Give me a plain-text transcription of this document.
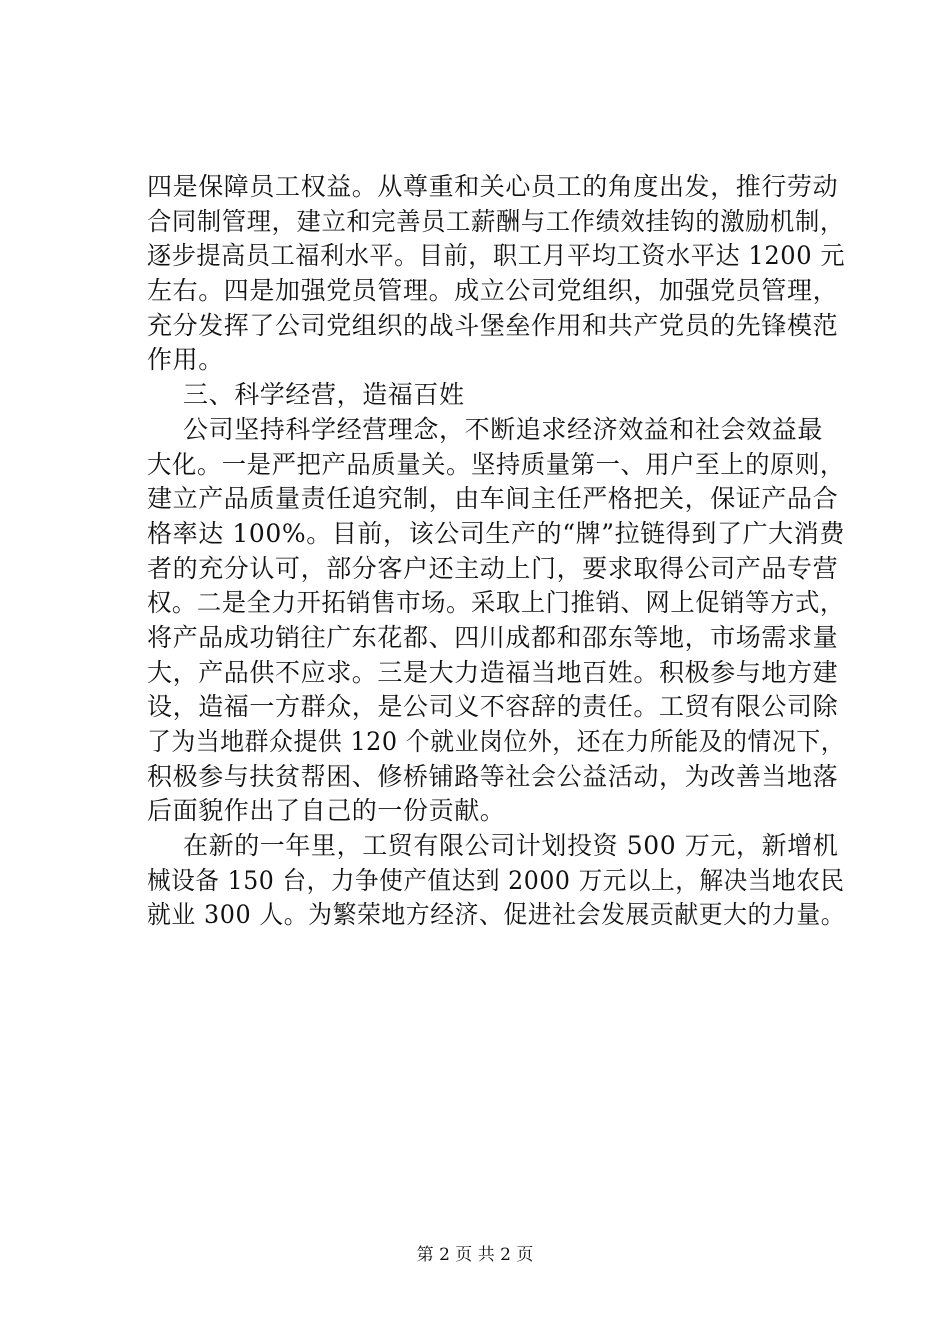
四是保障员工权益。从尊重和关心员工的角度出发，推行劳动
合同制管理，建立和完善员工薪酬与工作绩效挂钩的激励机制，
逐步提高员工福利水平。目前，职工月平均工资水平达 1200 元
左右。四是加强党员管理。成立公司党组织，加强党员管理，
充分发挥了公司党组织的战斗堡垒作用和共产党员的先锋模范
作用。
三、科学经营，造福百姓
公司坚持科学经营理念，不断追求经济效益和社会效益最
大化。一是严把产品质量关。坚持质量第一、用户至上的原则，
建立产品质量责任追究制，由车间主任严格把关，保证产品合
格率达 100%。目前，该公司生产的“牌”拉链得到了广大消费
者的充分认可，部分客户还主动上门，要求取得公司产品专营
权。二是全力开拓销售市场。采取上门推销、网上促销等方式，
将产品成功销往广东花都、四川成都和邵东等地，市场需求量
大，产品供不应求。三是大力造福当地百姓。积极参与地方建
设，造福一方群众，是公司义不容辞的责任。工贸有限公司除
了为当地群众提供 120 个就业岗位外，还在力所能及的情况下，
积极参与扶贫帮困、修桥铺路等社会公益活动，为改善当地落
后面貌作出了自己的一份贡献。
在新的一年里，工贸有限公司计划投资 500 万元，新增机
械设备 150 台，力争使产值达到 2000 万元以上，解决当地农民
就业 300 人。为繁荣地方经济、促进社会发展贡献更大的力量。
第 2 页 共 2 页
